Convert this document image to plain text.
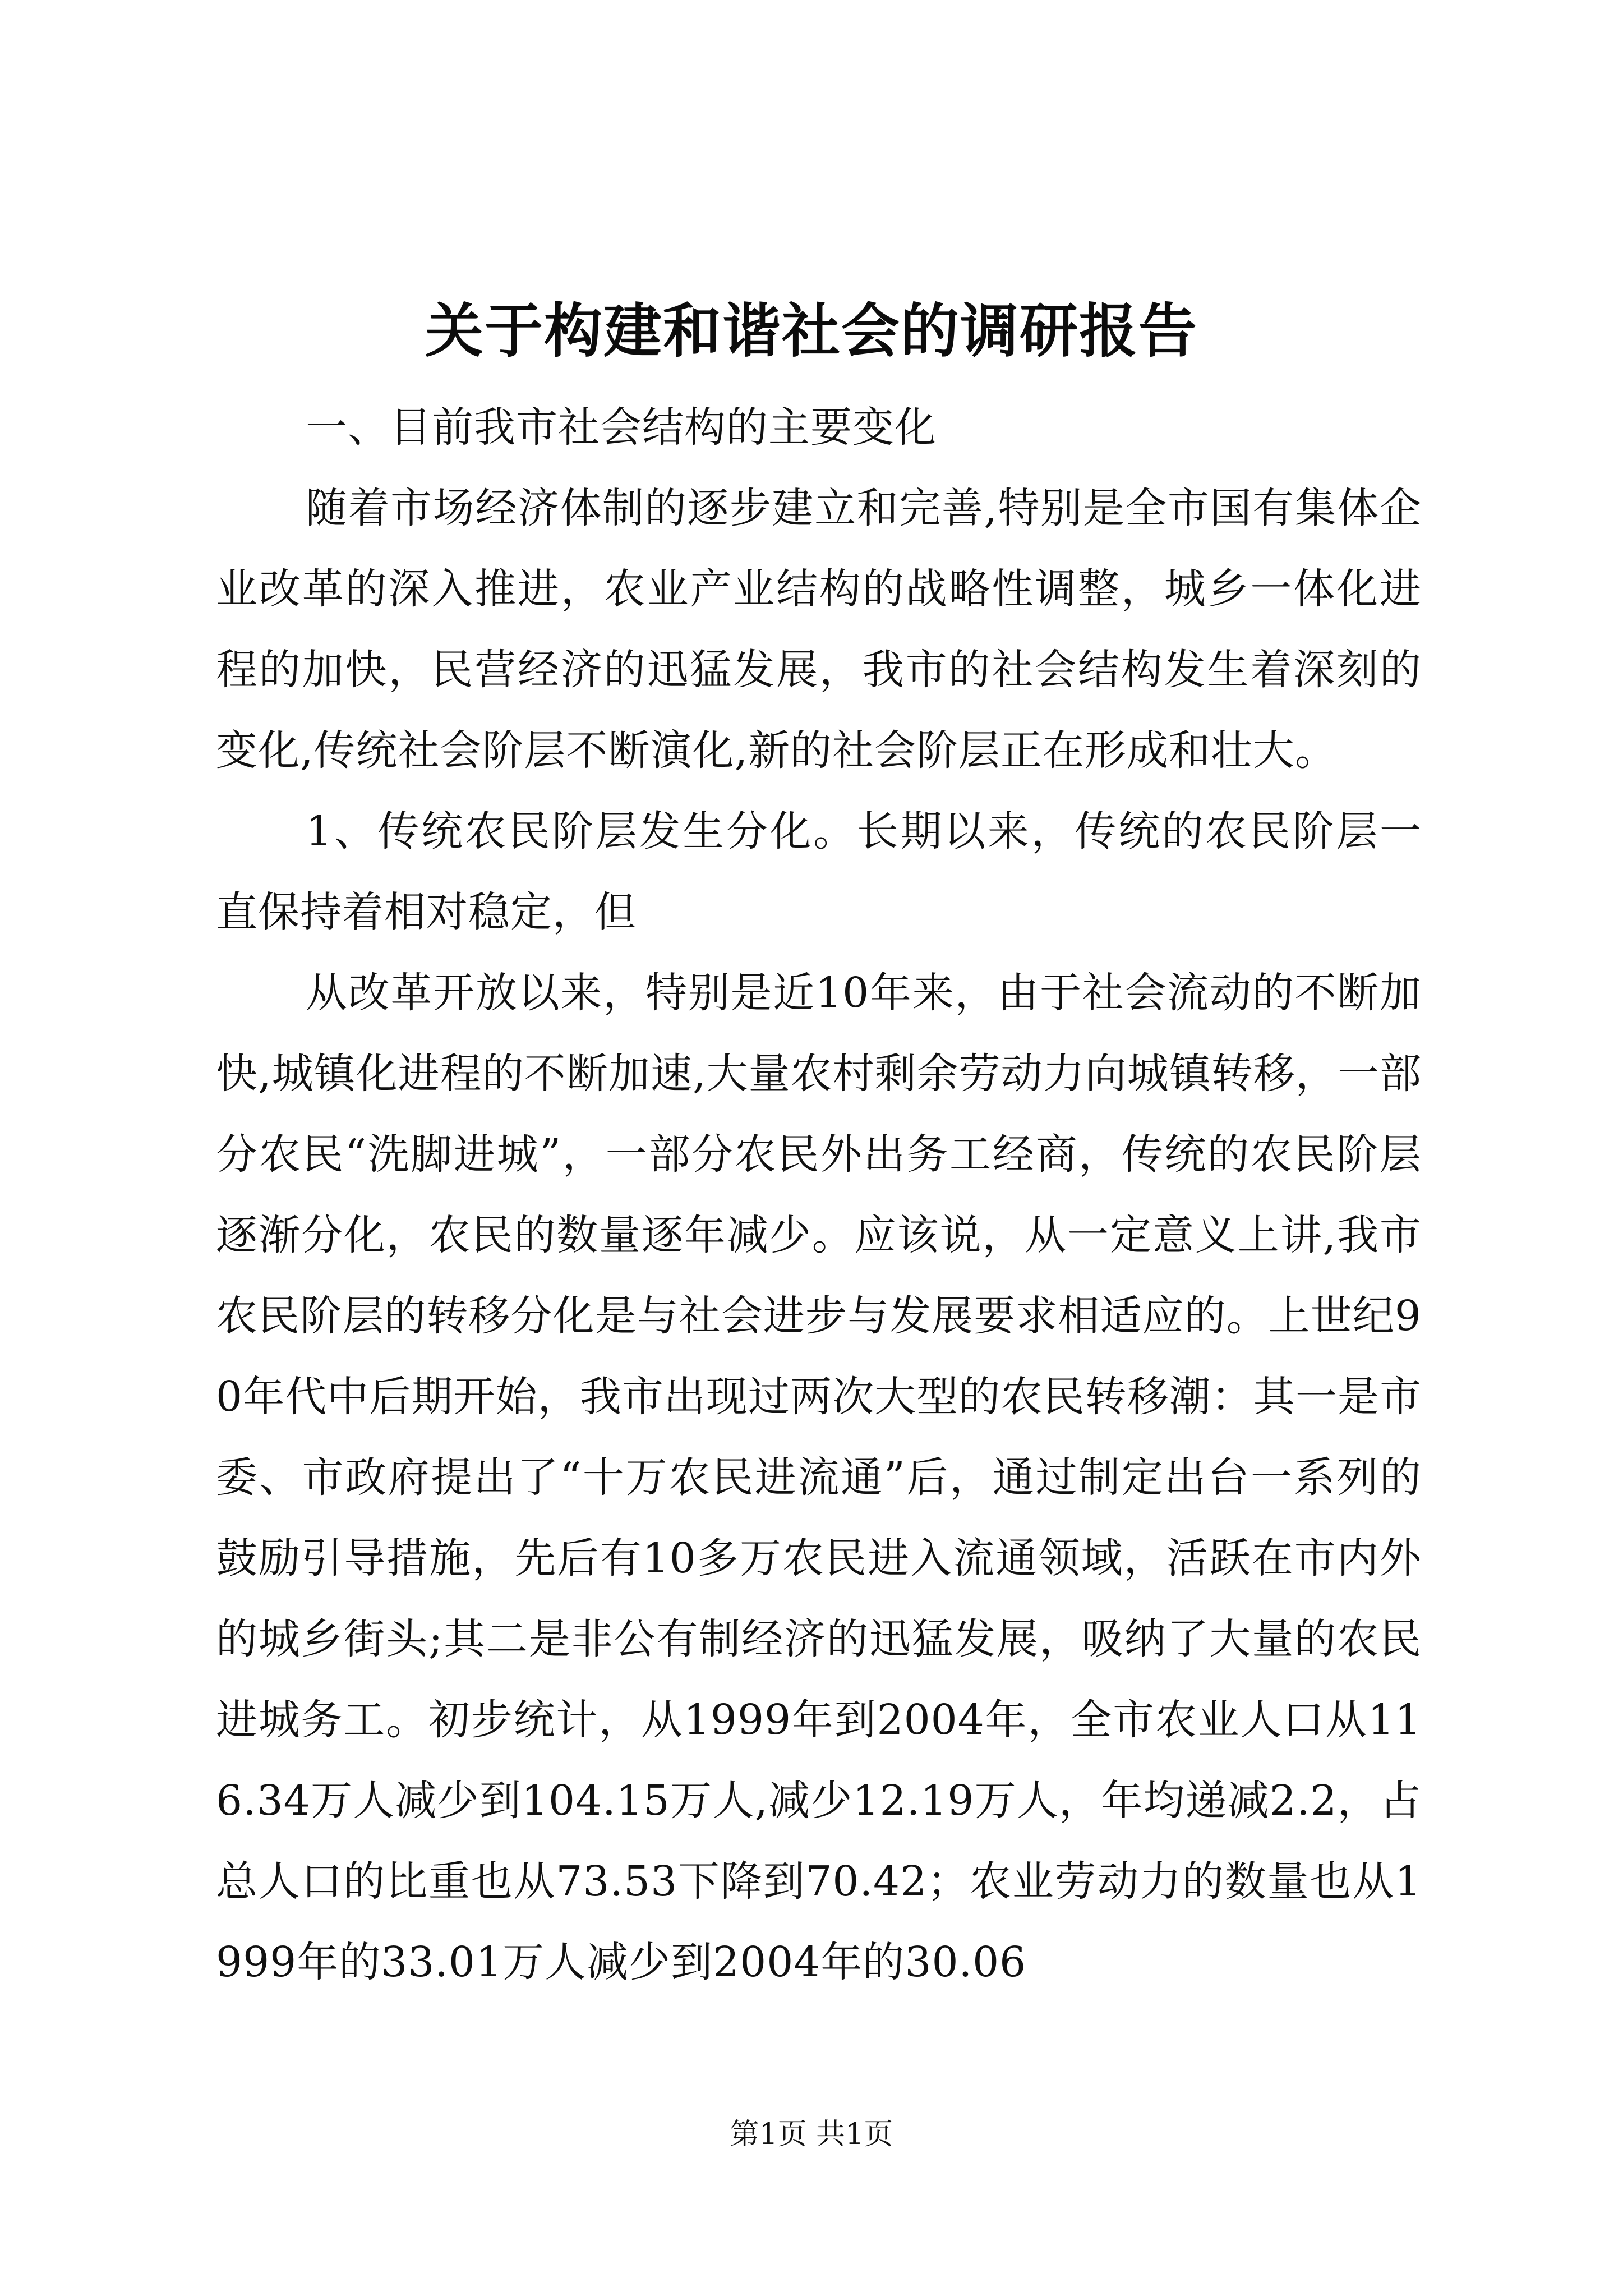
关于构建和谐社会的调研报告

一、目前我市社会结构的主要变化

随着市场经济体制的逐步建立和完善,特别是全市国有集体企业改革的深入推进，农业产业结构的战略性调整，城乡一体化进程的加快，民营经济的迅猛发展，我市的社会结构发生着深刻的变化,传统社会阶层不断演化,新的社会阶层正在形成和壮大。

1、传统农民阶层发生分化。长期以来，传统的农民阶层一直保持着相对稳定，但

从改革开放以来，特别是近10年来，由于社会流动的不断加快,城镇化进程的不断加速,大量农村剩余劳动力向城镇转移，一部分农民“洗脚进城”，一部分农民外出务工经商，传统的农民阶层逐渐分化，农民的数量逐年减少。应该说，从一定意义上讲,我市农民阶层的转移分化是与社会进步与发展要求相适应的。上世纪90年代中后期开始，我市出现过两次大型的农民转移潮：其一是市委、市政府提出了“十万农民进流通”后，通过制定出台一系列的鼓励引导措施，先后有10多万农民进入流通领域，活跃在市内外的城乡街头;其二是非公有制经济的迅猛发展，吸纳了大量的农民进城务工。初步统计，从1999年到2004年，全市农业人口从116.34万人减少到104.15万人,减少12.19万人，年均递减2.2，占总人口的比重也从73.53下降到70.42；农业劳动力的数量也从1999年的33.01万人减少到2004年的30.06

第1页 共1页
